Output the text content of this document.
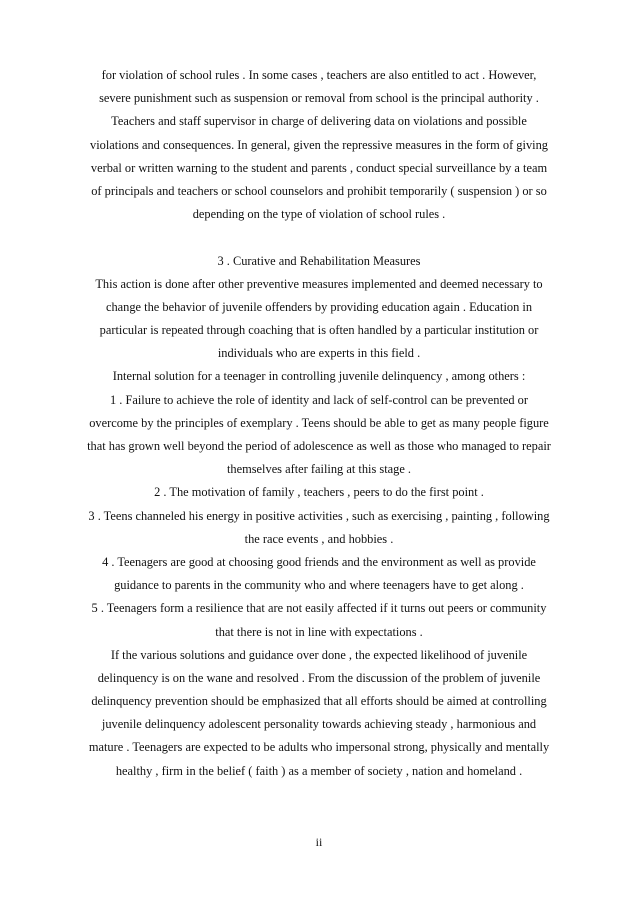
for violation of school rules . In some cases , teachers are also entitled to act . However,
severe punishment such as suspension or removal from school is the principal authority .
Teachers and staff supervisor in charge of delivering data on violations and possible
violations and consequences. In general, given the repressive measures in the form of giving
verbal or written warning to the student and parents , conduct special surveillance by a team
of principals and teachers or school counselors and prohibit temporarily ( suspension ) or so
depending on the type of violation of school rules .
3 . Curative and Rehabilitation Measures
This action is done after other preventive measures implemented and deemed necessary to
change the behavior of juvenile offenders by providing education again . Education in
particular is repeated through coaching that is often handled by a particular institution or
individuals who are experts in this field .
Internal solution for a teenager in controlling juvenile delinquency , among others :
1 . Failure to achieve the role of identity and lack of self-control can be prevented or
overcome by the principles of exemplary . Teens should be able to get as many people figure
that has grown well beyond the period of adolescence as well as those who managed to repair
themselves after failing at this stage .
2 . The motivation of family , teachers , peers to do the first point .
3 . Teens channeled his energy in positive activities , such as exercising , painting , following
the race events , and hobbies .
4 . Teenagers are good at choosing good friends and the environment as well as provide
guidance to parents in the community who and where teenagers have to get along .
5 . Teenagers form a resilience that are not easily affected if it turns out peers or community
that there is not in line with expectations .
If the various solutions and guidance over done , the expected likelihood of juvenile
delinquency is on the wane and resolved . From the discussion of the problem of juvenile
delinquency prevention should be emphasized that all efforts should be aimed at controlling
juvenile delinquency adolescent personality towards achieving steady , harmonious and
mature . Teenagers are expected to be adults who impersonal strong, physically and mentally
healthy , firm in the belief ( faith ) as a member of society , nation and homeland .
ii
